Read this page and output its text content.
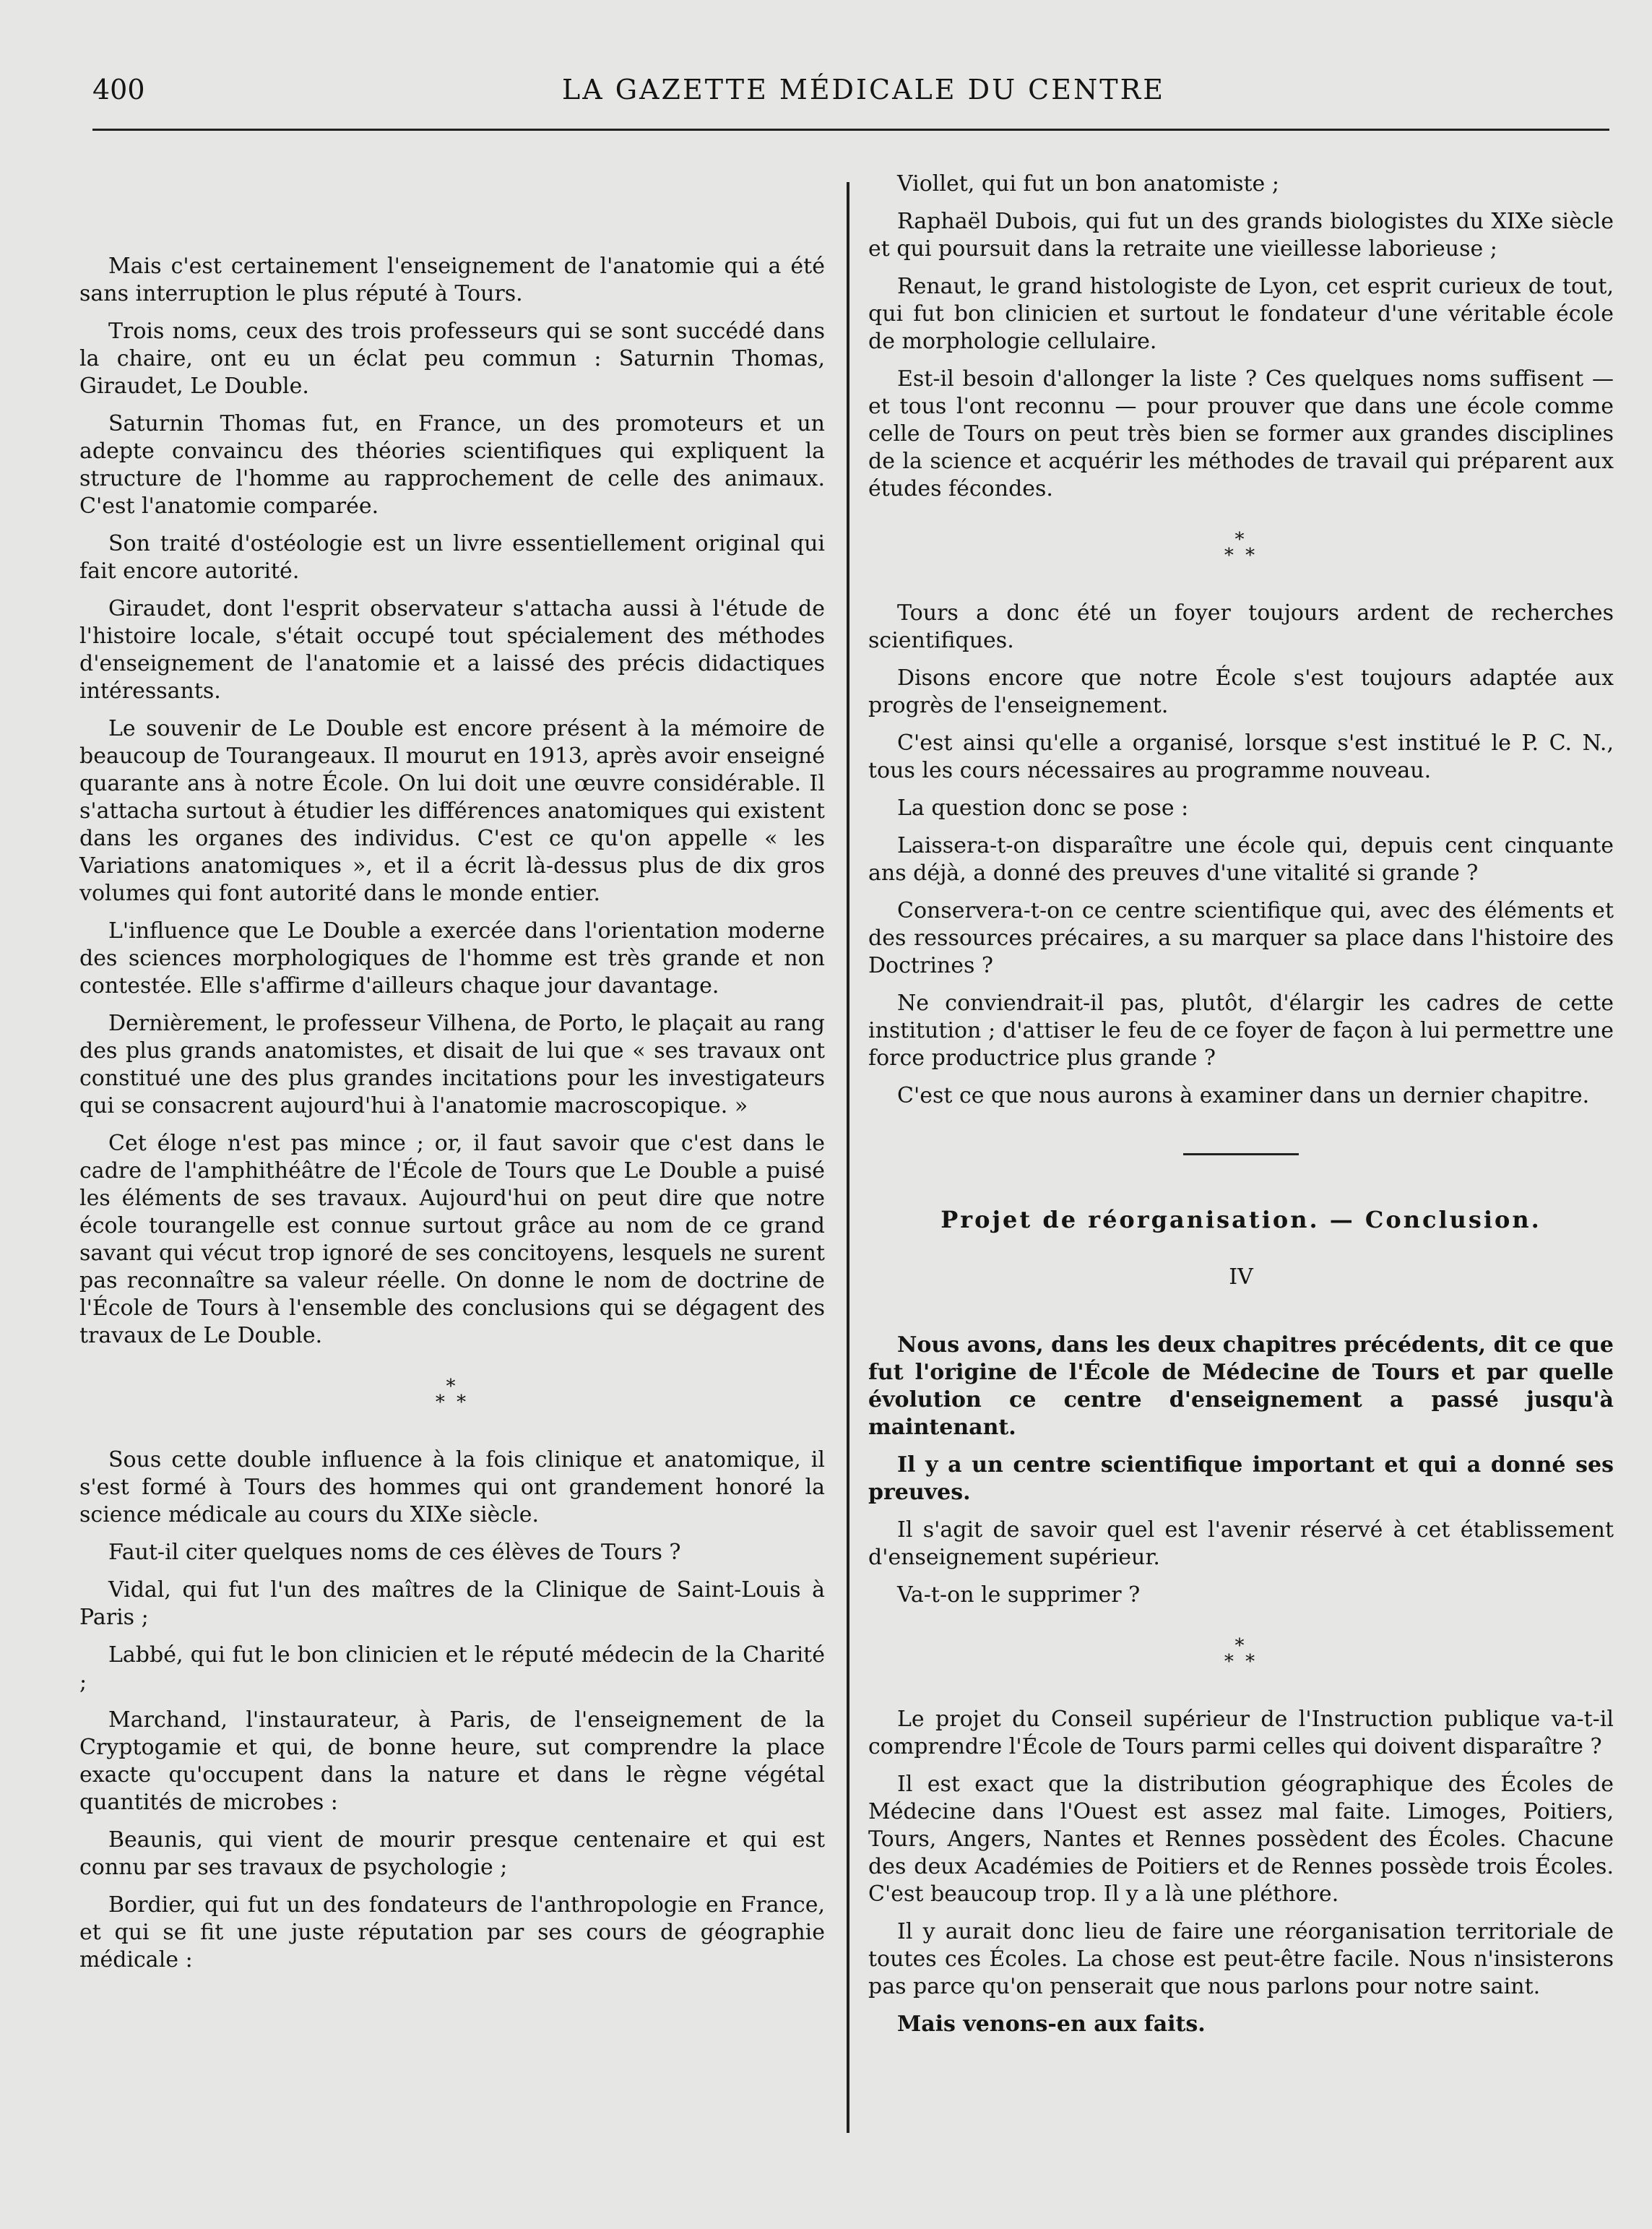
400	LA GAZETTE MÉDICALE DU CENTRE

Mais c'est certainement l'enseignement de l'anatomie qui a été sans interruption le plus réputé à Tours.

Trois noms, ceux des trois professeurs qui se sont succédé dans la chaire, ont eu un éclat peu commun : Saturnin Thomas, Giraudet, Le Double.

Saturnin Thomas fut, en France, un des promoteurs et un adepte convaincu des théories scientifiques qui expliquent la structure de l'homme au rapprochement de celle des animaux. C'est l'anatomie comparée.

Son traité d'ostéologie est un livre essentiellement original qui fait encore autorité.

Giraudet, dont l'esprit observateur s'attacha aussi à l'étude de l'histoire locale, s'était occupé tout spécialement des méthodes d'enseignement de l'anatomie et a laissé des précis didactiques intéressants.

Le souvenir de Le Double est encore présent à la mémoire de beaucoup de Tourangeaux. Il mourut en 1913, après avoir enseigné quarante ans à notre École. On lui doit une œuvre considérable. Il s'attacha surtout à étudier les différences anatomiques qui existent dans les organes des individus. C'est ce qu'on appelle « les Variations anatomiques », et il a écrit là-dessus plus de dix gros volumes qui font autorité dans le monde entier.

L'influence que Le Double a exercée dans l'orientation moderne des sciences morphologiques de l'homme est très grande et non contestée. Elle s'affirme d'ailleurs chaque jour davantage.

Dernièrement, le professeur Vilhena, de Porto, le plaçait au rang des plus grands anatomistes, et disait de lui que « ses travaux ont constitué une des plus grandes incitations pour les investigateurs qui se consacrent aujourd'hui à l'anatomie macroscopique. »

Cet éloge n'est pas mince ; or, il faut savoir que c'est dans le cadre de l'amphithéâtre de l'École de Tours que Le Double a puisé les éléments de ses travaux. Aujourd'hui on peut dire que notre école tourangelle est connue surtout grâce au nom de ce grand savant qui vécut trop ignoré de ses concitoyens, lesquels ne surent pas reconnaître sa valeur réelle. On donne le nom de doctrine de l'École de Tours à l'ensemble des conclusions qui se dégagent des travaux de Le Double.

*
* *

Sous cette double influence à la fois clinique et anatomique, il s'est formé à Tours des hommes qui ont grandement honoré la science médicale au cours du XIXe siècle.

Faut-il citer quelques noms de ces élèves de Tours ?

Vidal, qui fut l'un des maîtres de la Clinique de Saint-Louis à Paris ;

Labbé, qui fut le bon clinicien et le réputé médecin de la Charité ;

Marchand, l'instaurateur, à Paris, de l'enseignement de la Cryptogamie et qui, de bonne heure, sut comprendre la place exacte qu'occupent dans la nature et dans le règne végétal quantités de microbes :

Beaunis, qui vient de mourir presque centenaire et qui est connu par ses travaux de psychologie ;

Bordier, qui fut un des fondateurs de l'anthropologie en France, et qui se fit une juste réputation par ses cours de géographie médicale :

Viollet, qui fut un bon anatomiste ;

Raphaël Dubois, qui fut un des grands biologistes du XIXe siècle et qui poursuit dans la retraite une vieillesse laborieuse ;

Renaut, le grand histologiste de Lyon, cet esprit curieux de tout, qui fut bon clinicien et surtout le fondateur d'une véritable école de morphologie cellulaire.

Est-il besoin d'allonger la liste ? Ces quelques noms suffisent — et tous l'ont reconnu — pour prouver que dans une école comme celle de Tours on peut très bien se former aux grandes disciplines de la science et acquérir les méthodes de travail qui préparent aux études fécondes.

*
* *

Tours a donc été un foyer toujours ardent de recherches scientifiques.

Disons encore que notre École s'est toujours adaptée aux progrès de l'enseignement.

C'est ainsi qu'elle a organisé, lorsque s'est institué le P. C. N., tous les cours nécessaires au programme nouveau.

La question donc se pose :

Laissera-t-on disparaître une école qui, depuis cent cinquante ans déjà, a donné des preuves d'une vitalité si grande ?

Conservera-t-on ce centre scientifique qui, avec des éléments et des ressources précaires, a su marquer sa place dans l'histoire des Doctrines ?

Ne conviendrait-il pas, plutôt, d'élargir les cadres de cette institution ; d'attiser le feu de ce foyer de façon à lui permettre une force productrice plus grande ?

C'est ce que nous aurons à examiner dans un dernier chapitre.

Projet de réorganisation. — Conclusion.
IV

Nous avons, dans les deux chapitres précédents, dit ce que fut l'origine de l'École de Médecine de Tours et par quelle évolution ce centre d'enseignement a passé jusqu'à maintenant.

Il y a un centre scientifique important et qui a donné ses preuves.

Il s'agit de savoir quel est l'avenir réservé à cet établissement d'enseignement supérieur.

Va-t-on le supprimer ?

*
* *

Le projet du Conseil supérieur de l'Instruction publique va-t-il comprendre l'École de Tours parmi celles qui doivent disparaître ?

Il est exact que la distribution géographique des Écoles de Médecine dans l'Ouest est assez mal faite. Limoges, Poitiers, Tours, Angers, Nantes et Rennes possèdent des Écoles. Chacune des deux Académies de Poitiers et de Rennes possède trois Écoles. C'est beaucoup trop. Il y a là une pléthore.

Il y aurait donc lieu de faire une réorganisation territoriale de toutes ces Écoles. La chose est peut-être facile. Nous n'insisterons pas parce qu'on penserait que nous parlons pour notre saint.

Mais venons-en aux faits.
